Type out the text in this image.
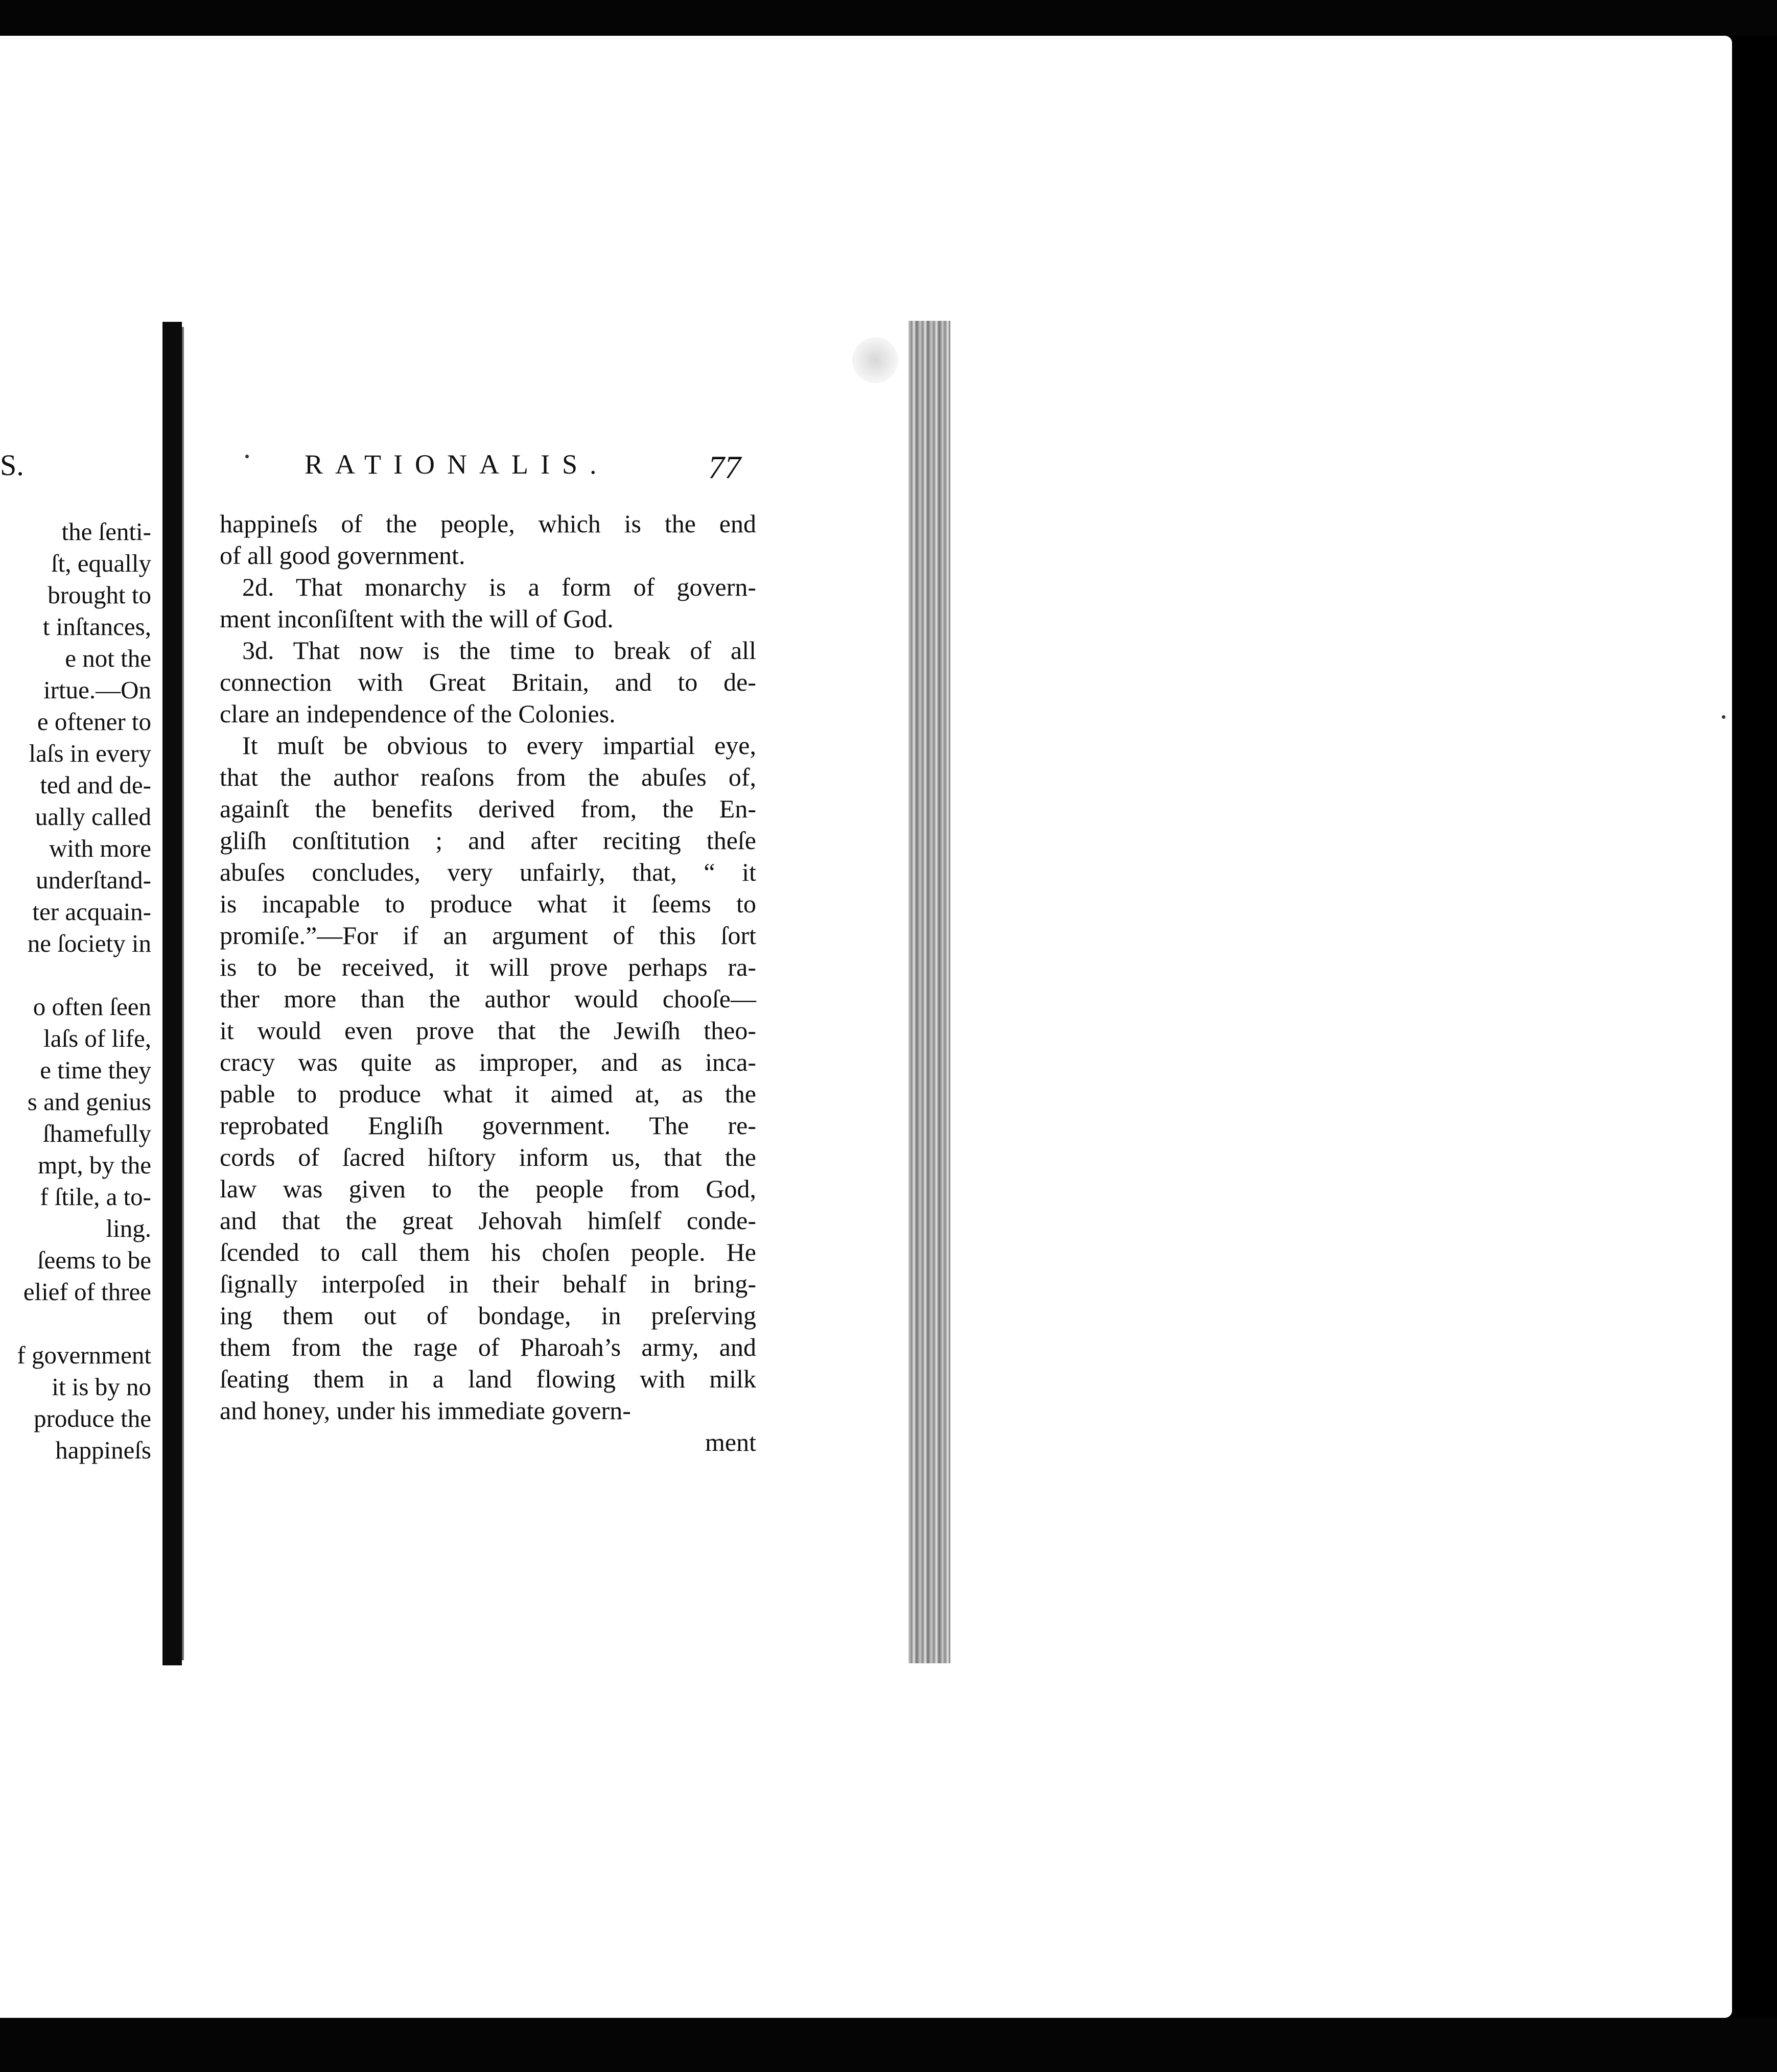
S.
the ſenti-
ſt, equally
brought to
t inſtances,
e not the
irtue.—On
e oftener to
laſs in every
ted and de-
ually called
with more
underſtand-
ter acquain-
ne ſociety in
o often ſeen
laſs of life,
e time they
s and genius
ſhamefully
mpt, by the
f ſtile, a to-
ling.
ſeems to be
elief of three
f government
it is by no
produce the
happineſs
RATIONALIS.	77
happineſs of the people, which is the end
of all good government.
2d. That monarchy is a form of govern-
ment inconſiſtent with the will of God.
3d. That now is the time to break of all
connection with Great Britain, and to de-
clare an independence of the Colonies.
It muſt be obvious to every impartial eye,
that the author reaſons from the abuſes of,
againſt the benefits derived from, the En-
gliſh conſtitution ; and after reciting theſe
abuſes concludes, very unfairly, that, “ it
is incapable to produce what it ſeems to
promiſe.”—For if an argument of this ſort
is to be received, it will prove perhaps ra-
ther more than the author would chooſe—
it would even prove that the Jewiſh theo-
cracy was quite as improper, and as inca-
pable to produce what it aimed at, as the
reprobated Engliſh government. The re-
cords of ſacred hiſtory inform us, that the
law was given to the people from God,
and that the great Jehovah himſelf conde-
ſcended to call them his choſen people. He
ſignally interpoſed in their behalf in bring-
ing them out of bondage, in preſerving
them from the rage of Pharoah’s army, and
ſeating them in a land flowing with milk
and honey, under his immediate govern-
ment
